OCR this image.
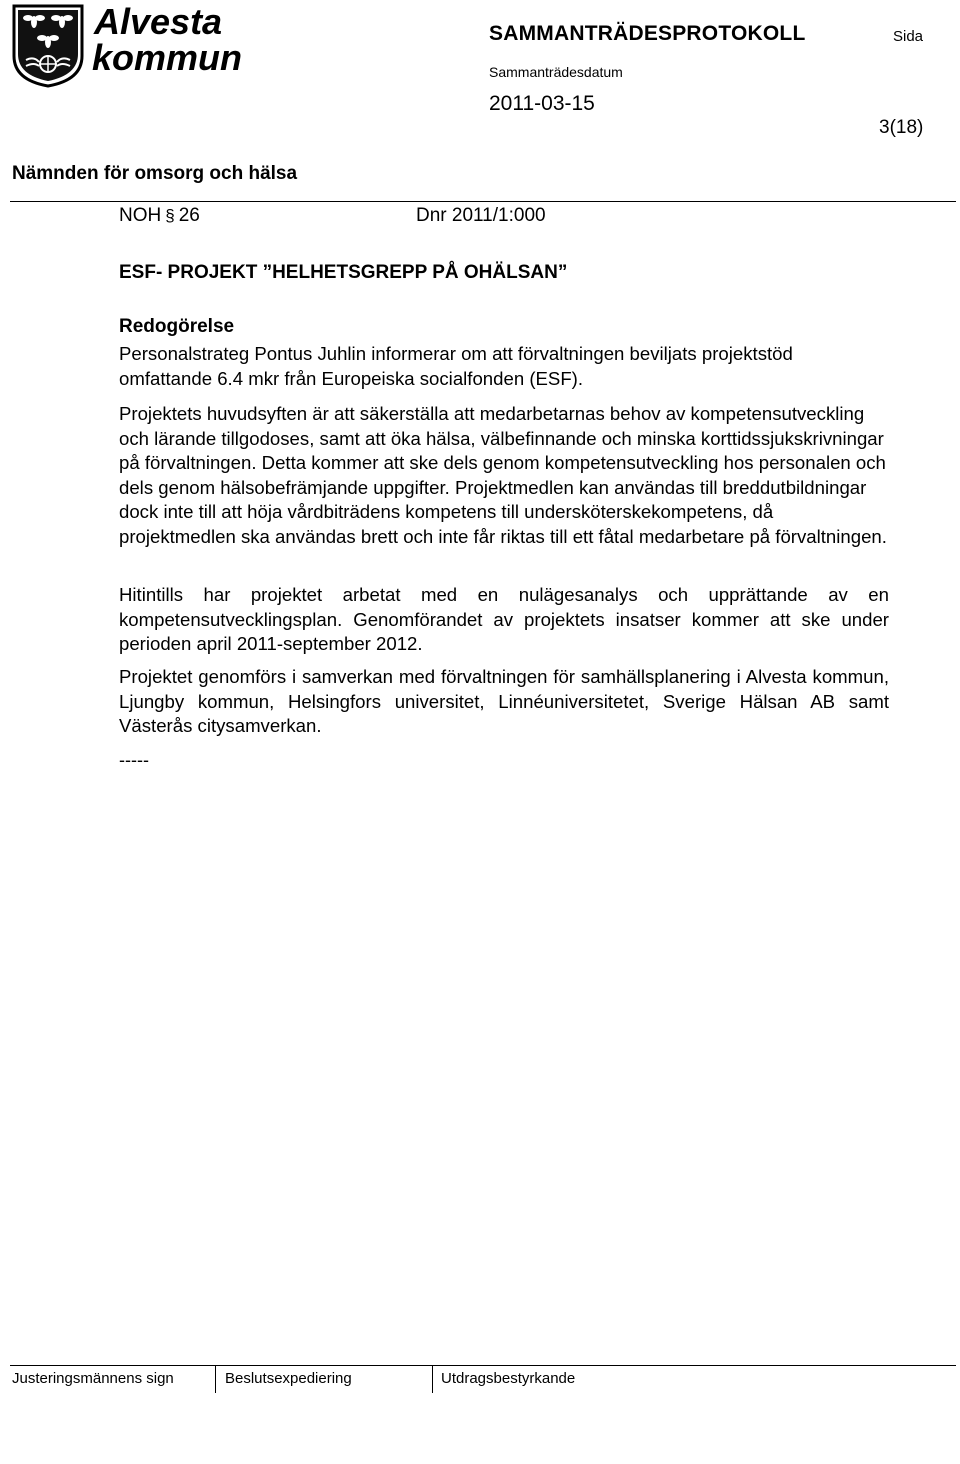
Alvesta
kommun
SAMMANTRÄDESPROTOKOLL	Sida
Sammanträdesdatum
2011-03-15
3(18)
Nämnden för omsorg och hälsa
NOH § 26	Dnr 2011/1:000
ESF- PROJEKT ”HELHETSGREPP PÅ OHÄLSAN”
Redogörelse

Personalstrateg Pontus Juhlin informerar om att förvaltningen beviljats projektstöd omfattande 6.4 mkr från Europeiska socialfonden (ESF).

Projektets huvudsyften är att säkerställa att medarbetarnas behov av kompetensutveckling och lärande tillgodoses, samt att öka hälsa, välbefinnande och minska korttidssjukskrivningar på förvaltningen. Detta kommer att ske dels genom kompetensutveckling hos personalen och dels genom hälsobefrämjande uppgifter. Projektmedlen kan användas till breddutbildningar dock inte till att höja vårdbiträdens kompetens till undersköterskekompetens, då projektmedlen ska användas brett och inte får riktas till ett fåtal medarbetare på förvaltningen.

Hitintills har projektet arbetat med en nulägesanalys och upprättande av en kompetensutvecklingsplan. Genomförandet av projektets insatser kommer att ske under perioden april 2011-september 2012.

Projektet genomförs i samverkan med förvaltningen för samhällsplanering i Alvesta kommun, Ljungby kommun, Helsingfors universitet, Linnéuniversitetet, Sverige Hälsan AB samt Västerås citysamverkan.

-----
Justeringsmännens sign	Beslutsexpediering	Utdragsbestyrkande
